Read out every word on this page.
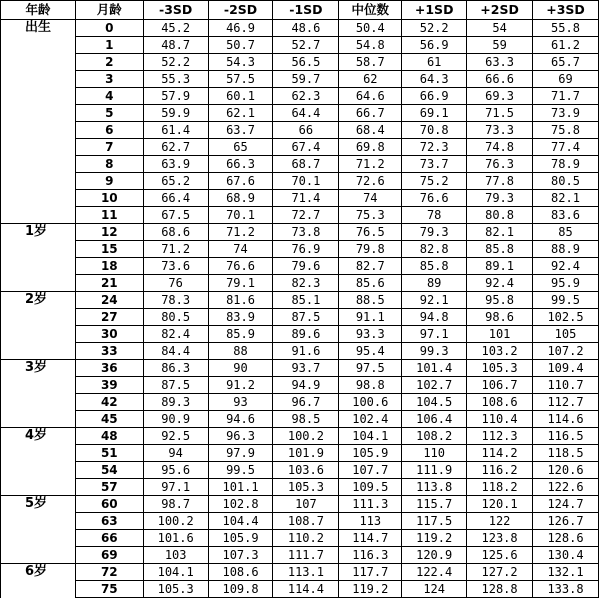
年龄	月龄	-3SD	-2SD	-1SD	中位数	+1SD	+2SD	+3SD
出生	0	45.2	46.9	48.6	50.4	52.2	54	55.8
	1	48.7	50.7	52.7	54.8	56.9	59	61.2
	2	52.2	54.3	56.5	58.7	61	63.3	65.7
	3	55.3	57.5	59.7	62	64.3	66.6	69
	4	57.9	60.1	62.3	64.6	66.9	69.3	71.7
	5	59.9	62.1	64.4	66.7	69.1	71.5	73.9
	6	61.4	63.7	66	68.4	70.8	73.3	75.8
	7	62.7	65	67.4	69.8	72.3	74.8	77.4
	8	63.9	66.3	68.7	71.2	73.7	76.3	78.9
	9	65.2	67.6	70.1	72.6	75.2	77.8	80.5
	10	66.4	68.9	71.4	74	76.6	79.3	82.1
	11	67.5	70.1	72.7	75.3	78	80.8	83.6
1岁	12	68.6	71.2	73.8	76.5	79.3	82.1	85
	15	71.2	74	76.9	79.8	82.8	85.8	88.9
	18	73.6	76.6	79.6	82.7	85.8	89.1	92.4
	21	76	79.1	82.3	85.6	89	92.4	95.9
2岁	24	78.3	81.6	85.1	88.5	92.1	95.8	99.5
	27	80.5	83.9	87.5	91.1	94.8	98.6	102.5
	30	82.4	85.9	89.6	93.3	97.1	101	105
	33	84.4	88	91.6	95.4	99.3	103.2	107.2
3岁	36	86.3	90	93.7	97.5	101.4	105.3	109.4
	39	87.5	91.2	94.9	98.8	102.7	106.7	110.7
	42	89.3	93	96.7	100.6	104.5	108.6	112.7
	45	90.9	94.6	98.5	102.4	106.4	110.4	114.6
4岁	48	92.5	96.3	100.2	104.1	108.2	112.3	116.5
	51	94	97.9	101.9	105.9	110	114.2	118.5
	54	95.6	99.5	103.6	107.7	111.9	116.2	120.6
	57	97.1	101.1	105.3	109.5	113.8	118.2	122.6
5岁	60	98.7	102.8	107	111.3	115.7	120.1	124.7
	63	100.2	104.4	108.7	113	117.5	122	126.7
	66	101.6	105.9	110.2	114.7	119.2	123.8	128.6
	69	103	107.3	111.7	116.3	120.9	125.6	130.4
6岁	72	104.1	108.6	113.1	117.7	122.4	127.2	132.1
	75	105.3	109.8	114.4	119.2	124	128.8	133.8
